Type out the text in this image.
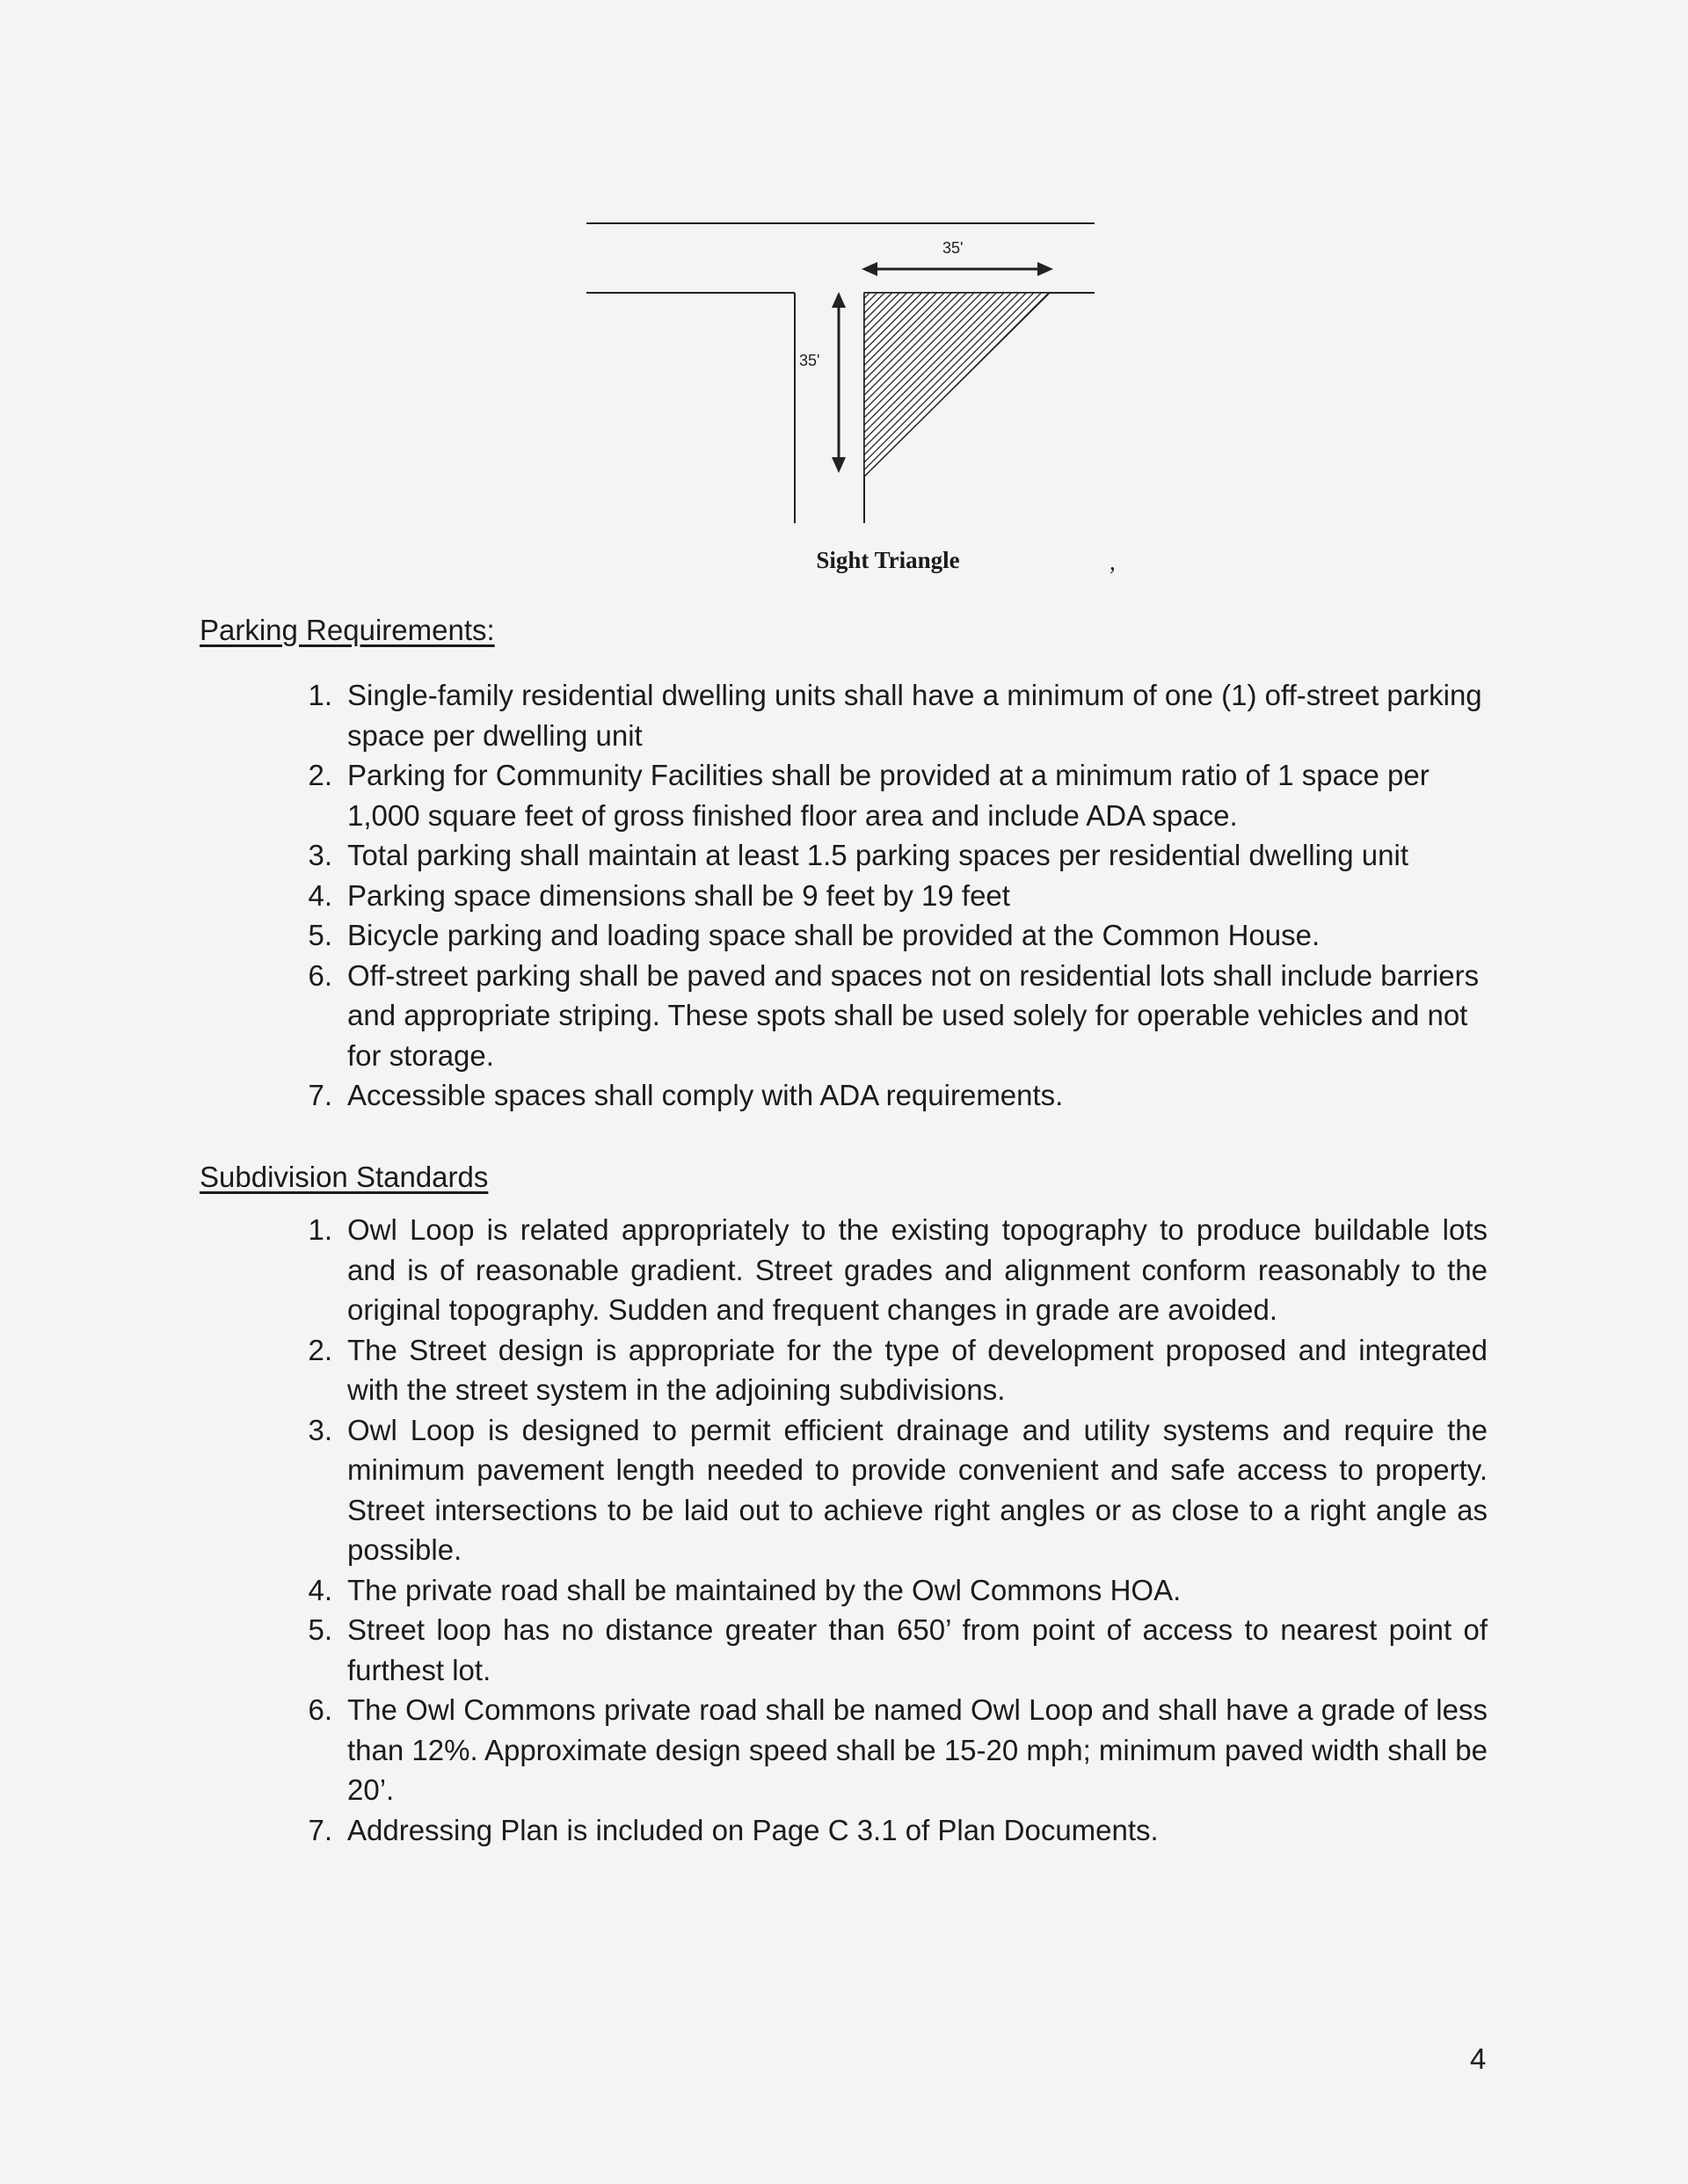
35'
35'
Sight Triangle	,
Parking Requirements:
1. Single-family residential dwelling units shall have a minimum of one (1) off-street parking space per dwelling unit
2. Parking for Community Facilities shall be provided at a minimum ratio of 1 space per 1,000 square feet of gross finished floor area and include ADA space.
3. Total parking shall maintain at least 1.5 parking spaces per residential dwelling unit
4. Parking space dimensions shall be 9 feet by 19 feet
5. Bicycle parking and loading space shall be provided at the Common House.
6. Off-street parking shall be paved and spaces not on residential lots shall include barriers and appropriate striping. These spots shall be used solely for operable vehicles and not for storage.
7. Accessible spaces shall comply with ADA requirements.
Subdivision Standards
1. Owl Loop is related appropriately to the existing topography to produce buildable lots and is of reasonable gradient. Street grades and alignment conform reasonably to the original topography. Sudden and frequent changes in grade are avoided.
2. The Street design is appropriate for the type of development proposed and integrated with the street system in the adjoining subdivisions.
3. Owl Loop is designed to permit efficient drainage and utility systems and require the minimum pavement length needed to provide convenient and safe access to property. Street intersections to be laid out to achieve right angles or as close to a right angle as possible.
4. The private road shall be maintained by the Owl Commons HOA.
5. Street loop has no distance greater than 650’ from point of access to nearest point of furthest lot.
6. The Owl Commons private road shall be named Owl Loop and shall have a grade of less than 12%. Approximate design speed shall be 15-20 mph; minimum paved width shall be 20’.
7. Addressing Plan is included on Page C 3.1 of Plan Documents.
4
